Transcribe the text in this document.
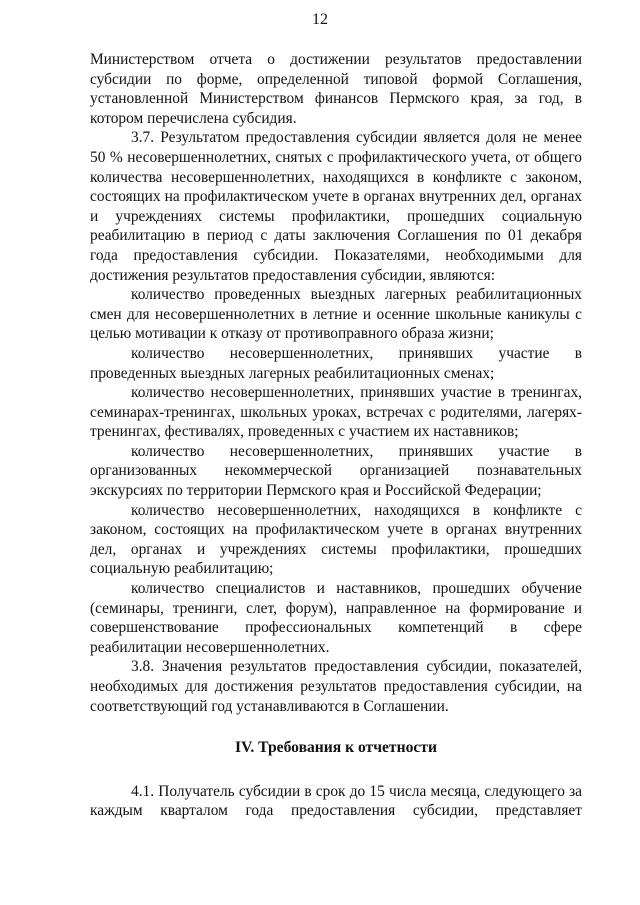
12

Министерством отчета о достижении результатов предоставлении субсидии по форме, определенной типовой формой Соглашения, установленной Министерством финансов Пермского края, за год, в котором перечислена субсидия.

3.7. Результатом предоставления субсидии является доля не менее 50 % несовершеннолетних, снятых с профилактического учета, от общего количества несовершеннолетних, находящихся в конфликте с законом, состоящих на профилактическом учете в органах внутренних дел, органах и учреждениях системы профилактики, прошедших социальную реабилитацию в период с даты заключения Соглашения по 01 декабря года предоставления субсидии. Показателями, необходимыми для достижения результатов предоставления субсидии, являются:

количество проведенных выездных лагерных реабилитационных смен для несовершеннолетних в летние и осенние школьные каникулы с целью мотивации к отказу от противоправного образа жизни;

количество несовершеннолетних, принявших участие в проведенных выездных лагерных реабилитационных сменах;

количество несовершеннолетних, принявших участие в тренингах, семинарах-тренингах, школьных уроках, встречах с родителями, лагерях-тренингах, фестивалях, проведенных с участием их наставников;

количество несовершеннолетних, принявших участие в организованных некоммерческой организацией познавательных экскурсиях по территории Пермского края и Российской Федерации;

количество несовершеннолетних, находящихся в конфликте с законом, состоящих на профилактическом учете в органах внутренних дел, органах и учреждениях системы профилактики, прошедших социальную реабилитацию;

количество специалистов и наставников, прошедших обучение (семинары, тренинги, слет, форум), направленное на формирование и совершенствование профессиональных компетенций в сфере реабилитации несовершеннолетних.

3.8. Значения результатов предоставления субсидии, показателей, необходимых для достижения результатов предоставления субсидии, на соответствующий год устанавливаются в Соглашении.

IV. Требования к отчетности

4.1. Получатель субсидии в срок до 15 числа месяца, следующего за каждым кварталом года предоставления субсидии, представляет
